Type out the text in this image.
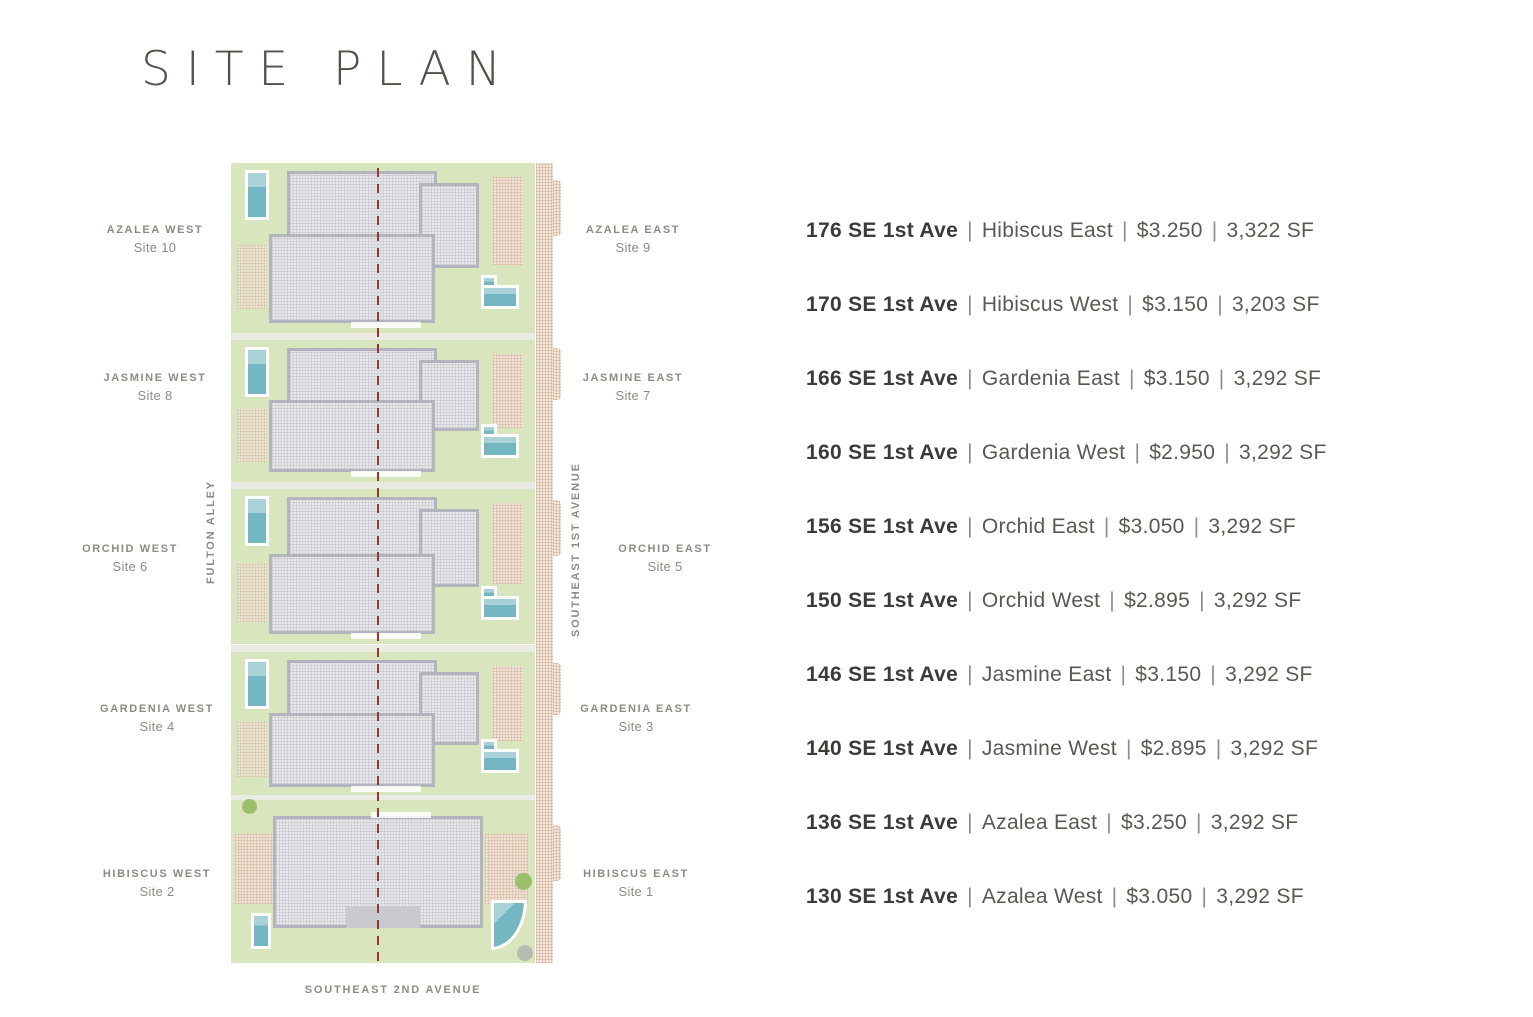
SITE PLAN
FULTON ALLEY	SOUTHEAST 1ST AVENUE
SOUTHEAST 2ND AVENUE
AZALEA WEST
Site 10
AZALEA EAST
Site 9
JASMINE WEST
Site 8
JASMINE EAST
Site 7
ORCHID WEST
Site 6
ORCHID EAST
Site 5
GARDENIA WEST
Site 4
GARDENIA EAST
Site 3
HIBISCUS WEST
Site 2
HIBISCUS EAST
Site 1
176 SE 1st Ave | Hibiscus East | $3.250 | 3,322 SF
170 SE 1st Ave | Hibiscus West | $3.150 | 3,203 SF
166 SE 1st Ave | Gardenia East | $3.150 | 3,292 SF
160 SE 1st Ave | Gardenia West | $2.950 | 3,292 SF
156 SE 1st Ave | Orchid East | $3.050 | 3,292 SF
150 SE 1st Ave | Orchid West | $2.895 | 3,292 SF
146 SE 1st Ave | Jasmine East | $3.150 | 3,292 SF
140 SE 1st Ave | Jasmine West | $2.895 | 3,292 SF
136 SE 1st Ave | Azalea East | $3.250 | 3,292 SF
130 SE 1st Ave | Azalea West | $3.050 | 3,292 SF
